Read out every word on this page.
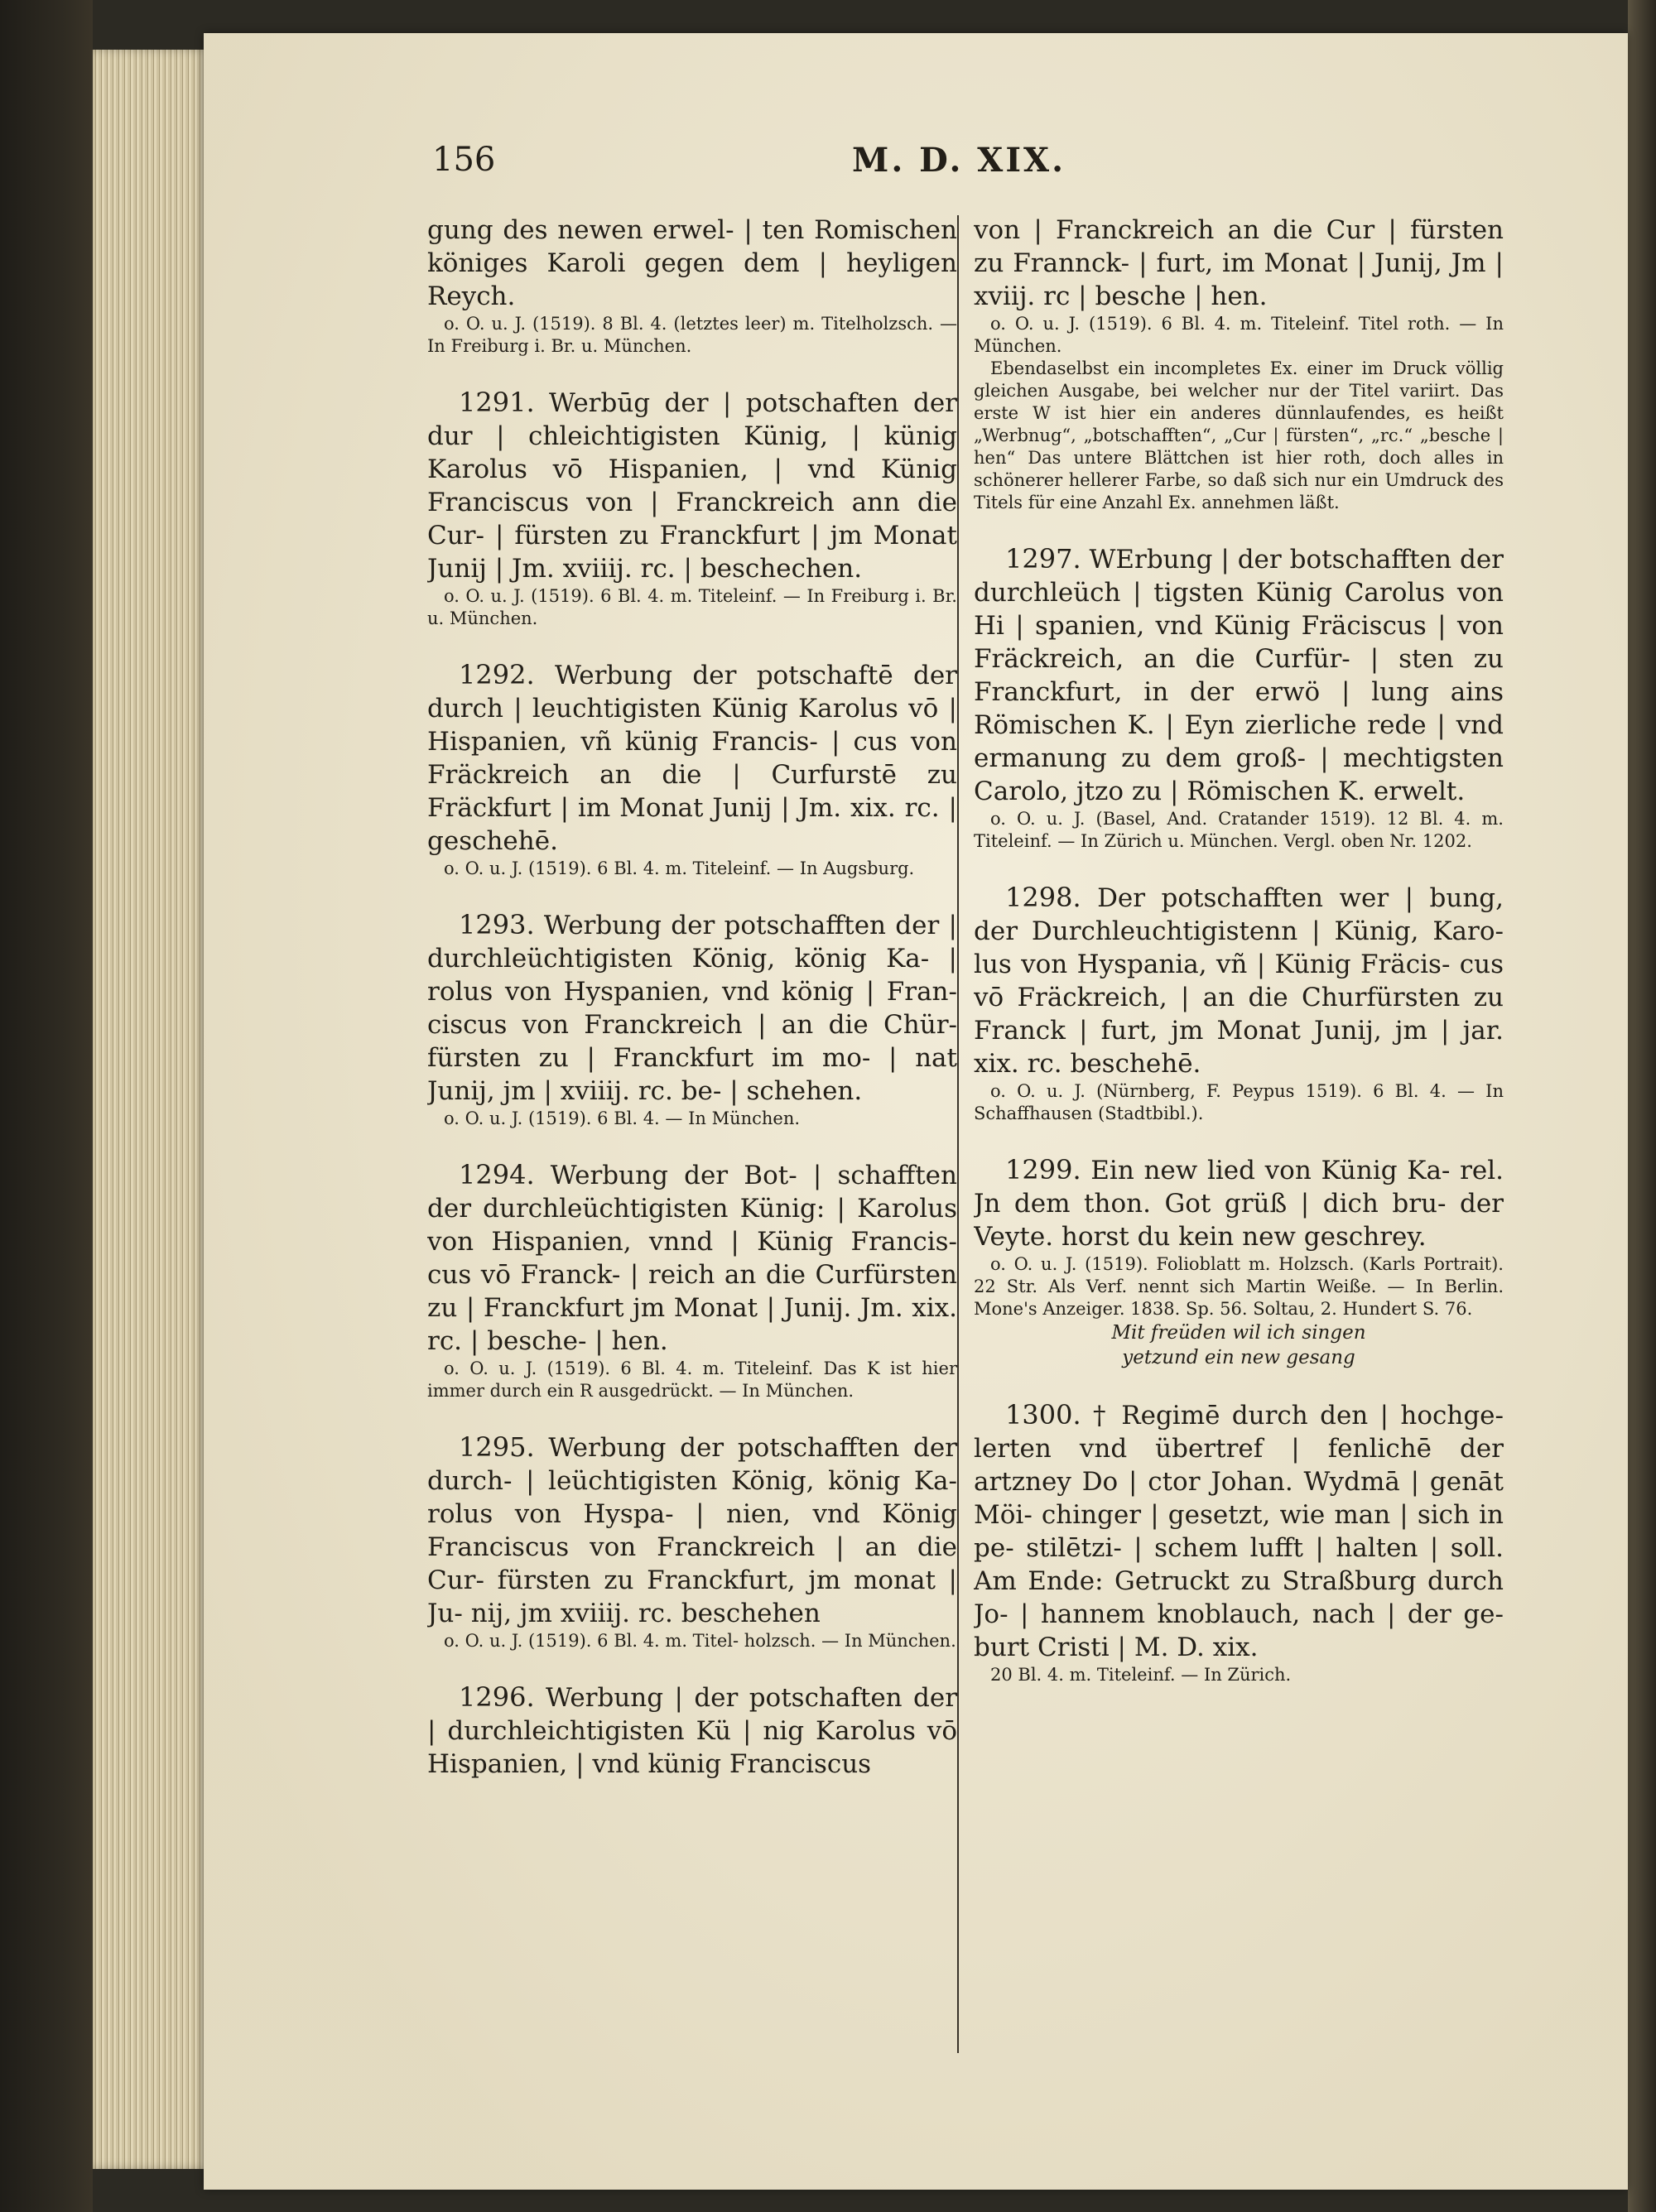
156	M. D. XIX.

gung des newen erwel- | ten Romischen königes Karoli gegen dem | heyligen Reych.

o. O. u. J. (1519). 8 Bl. 4. (letztes leer) m. Titelholzsch. — In Freiburg i. Br. u. München.

1291. Werbūg der | potschaften der dur | chleichtigisten Künig, | künig Karolus vō Hispanien, | vnd Künig Franciscus von | Franckreich ann die Cur- | fürsten zu Franckfurt | jm Monat Junij | Jm. xviiij. rc. | beschechen.

o. O. u. J. (1519). 6 Bl. 4. m. Titeleinf. — In Freiburg i. Br. u. München.

1292. Werbung der potschaftē der durch | leuchtigisten Künig Karolus vō | Hispanien, vñ künig Francis- | cus von Fräckreich an die | Curfurstē zu Fräckfurt | im Monat Junij | Jm. xix. rc. | geschehē.

o. O. u. J. (1519). 6 Bl. 4. m. Titeleinf. — In Augsburg.

1293. Werbung der potschafften der | durchleüchtigisten König, könig Ka- | rolus von Hyspanien, vnd könig | Fran- ciscus von Franckreich | an die Chür- fürsten zu | Franckfurt im mo- | nat Junij, jm | xviiij. rc. be- | schehen.

o. O. u. J. (1519). 6 Bl. 4. — In München.

1294. Werbung der Bot- | schafften der durchleüchtigisten Künig: | Karolus von Hispanien, vnnd | Künig Francis- cus vō Franck- | reich an die Curfürsten zu | Franckfurt jm Monat | Junij. Jm. xix. rc. | besche- | hen.

o. O. u. J. (1519). 6 Bl. 4. m. Titeleinf. Das K ist hier immer durch ein R ausgedrückt. — In München.

1295. Werbung der potschafften der durch- | leüchtigisten König, könig Ka- rolus von Hyspa- | nien, vnd König Franciscus von Franckreich | an die Cur- fürsten zu Franckfurt, jm monat | Ju- nij, jm xviiij. rc. beschehen

o. O. u. J. (1519). 6 Bl. 4. m. Titel- holzsch. — In München.

1296. Werbung | der potschaften der | durchleichtigisten Kü | nig Karolus vō Hispanien, | vnd künig Franciscus

von | Franckreich an die Cur | fürsten zu Frannck- | furt, im Monat | Junij, Jm | xviij. rc | besche | hen.

o. O. u. J. (1519). 6 Bl. 4. m. Titeleinf. Titel roth. — In München.

Ebendaselbst ein incompletes Ex. einer im Druck völlig gleichen Ausgabe, bei welcher nur der Titel variirt. Das erste W ist hier ein anderes dünnlaufendes, es heißt „Werbnug“, „botschafften“, „Cur | fürsten“, „rc.“ „besche | hen“ Das untere Blättchen ist hier roth, doch alles in schönerer hellerer Farbe, so daß sich nur ein Umdruck des Titels für eine Anzahl Ex. annehmen läßt.

1297. WErbung | der botschafften der durchleüch | tigsten Künig Carolus von Hi | spanien, vnd Künig Fräciscus | von Fräckreich, an die Curfür- | sten zu Franckfurt, in der erwö | lung ains Römischen K. | Eyn zierliche rede | vnd ermanung zu dem groß- | mechtigsten Carolo, jtzo zu | Römischen K. erwelt.

o. O. u. J. (Basel, And. Cratander 1519). 12 Bl. 4. m. Titeleinf. — In Zürich u. München. Vergl. oben Nr. 1202.

1298. Der potschafften wer | bung, der Durchleuchtigistenn | Künig, Karo- lus von Hyspania, vñ | Künig Fräcis- cus vō Fräckreich, | an die Churfürsten zu Franck | furt, jm Monat Junij, jm | jar. xix. rc. beschehē.

o. O. u. J. (Nürnberg, F. Peypus 1519). 6 Bl. 4. — In Schaffhausen (Stadtbibl.).

1299. Ein new lied von Künig Ka- rel. Jn dem thon. Got grüß | dich bru- der Veyte. horst du kein new geschrey.

o. O. u. J. (1519). Folioblatt m. Holzsch. (Karls Portrait). 22 Str. Als Verf. nennt sich Martin Weiße. — In Berlin. Mone's Anzeiger. 1838. Sp. 56. Soltau, 2. Hundert S. 76.

Mit freüden wil ich singen

yetzund ein new gesang

1300. † Regimē durch den | hochge- lerten vnd übertref | fenlichē der artzney Do | ctor Johan. Wydmā | genāt Möi- chinger | gesetzt, wie man | sich in pe- stilētzi- | schem lufft | halten | soll. Am Ende: Getruckt zu Straßburg durch Jo- | hannem knoblauch, nach | der ge- burt Cristi | M. D. xix.

20 Bl. 4. m. Titeleinf. — In Zürich.
